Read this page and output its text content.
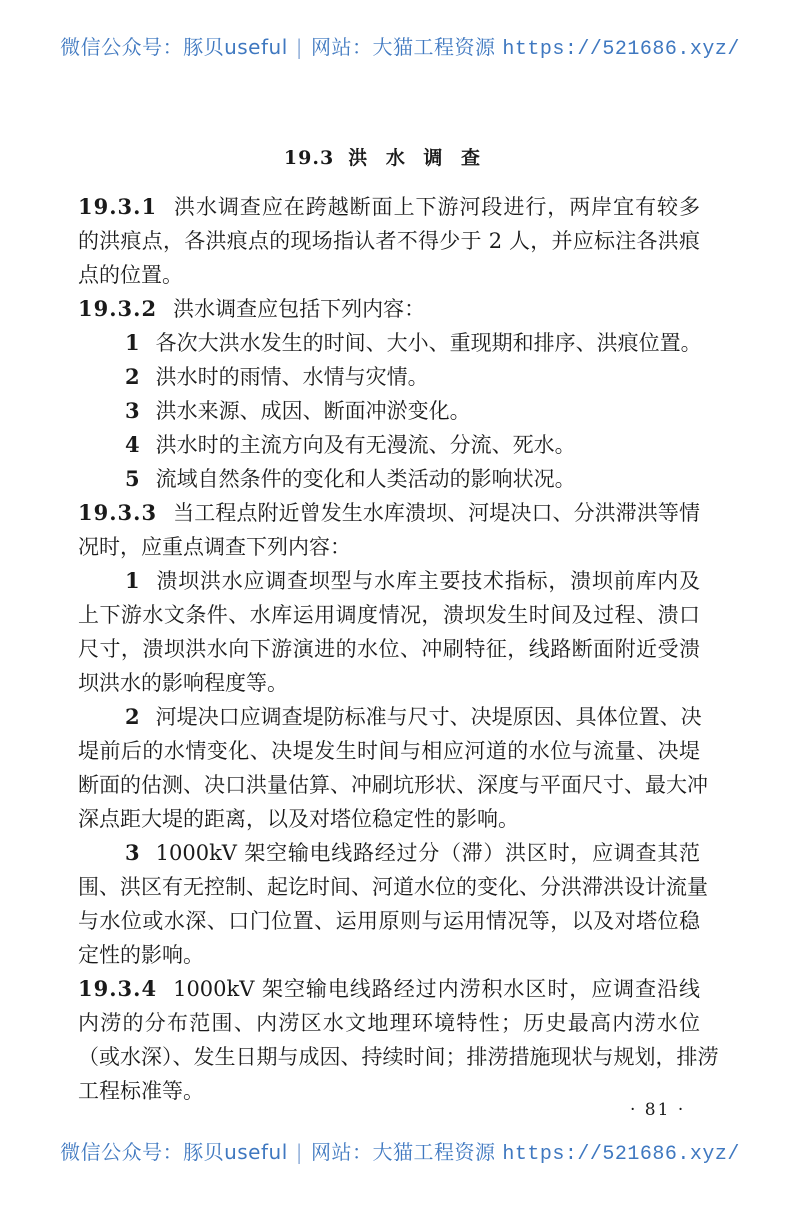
微信公众号：豚贝useful | 网站：大猫工程资源 https://521686.xyz/
19.3 洪 水 调 查
19.3.1 洪水调查应在跨越断面上下游河段进行，两岸宜有较多
的洪痕点，各洪痕点的现场指认者不得少于 2 人，并应标注各洪痕
点的位置。
19.3.2 洪水调查应包括下列内容：
1 各次大洪水发生的时间、大小、重现期和排序、洪痕位置。
2 洪水时的雨情、水情与灾情。
3 洪水来源、成因、断面冲淤变化。
4 洪水时的主流方向及有无漫流、分流、死水。
5 流域自然条件的变化和人类活动的影响状况。
19.3.3 当工程点附近曾发生水库溃坝、河堤决口、分洪滞洪等情
况时，应重点调查下列内容：
1 溃坝洪水应调查坝型与水库主要技术指标，溃坝前库内及
上下游水文条件、水库运用调度情况，溃坝发生时间及过程、溃口
尺寸，溃坝洪水向下游演进的水位、冲刷特征，线路断面附近受溃
坝洪水的影响程度等。
2 河堤决口应调查堤防标准与尺寸、决堤原因、具体位置、决
堤前后的水情变化、决堤发生时间与相应河道的水位与流量、决堤
断面的估测、决口洪量估算、冲刷坑形状、深度与平面尺寸、最大冲
深点距大堤的距离，以及对塔位稳定性的影响。
3 1000kV 架空输电线路经过分（滞）洪区时，应调查其范
围、洪区有无控制、起讫时间、河道水位的变化、分洪滞洪设计流量
与水位或水深、口门位置、运用原则与运用情况等，以及对塔位稳
定性的影响。
19.3.4 1000kV 架空输电线路经过内涝积水区时，应调查沿线
内涝的分布范围、内涝区水文地理环境特性；历史最高内涝水位
（或水深）、发生日期与成因、持续时间；排涝措施现状与规划，排涝
工程标准等。
· 81 ·
微信公众号：豚贝useful | 网站：大猫工程资源 https://521686.xyz/
